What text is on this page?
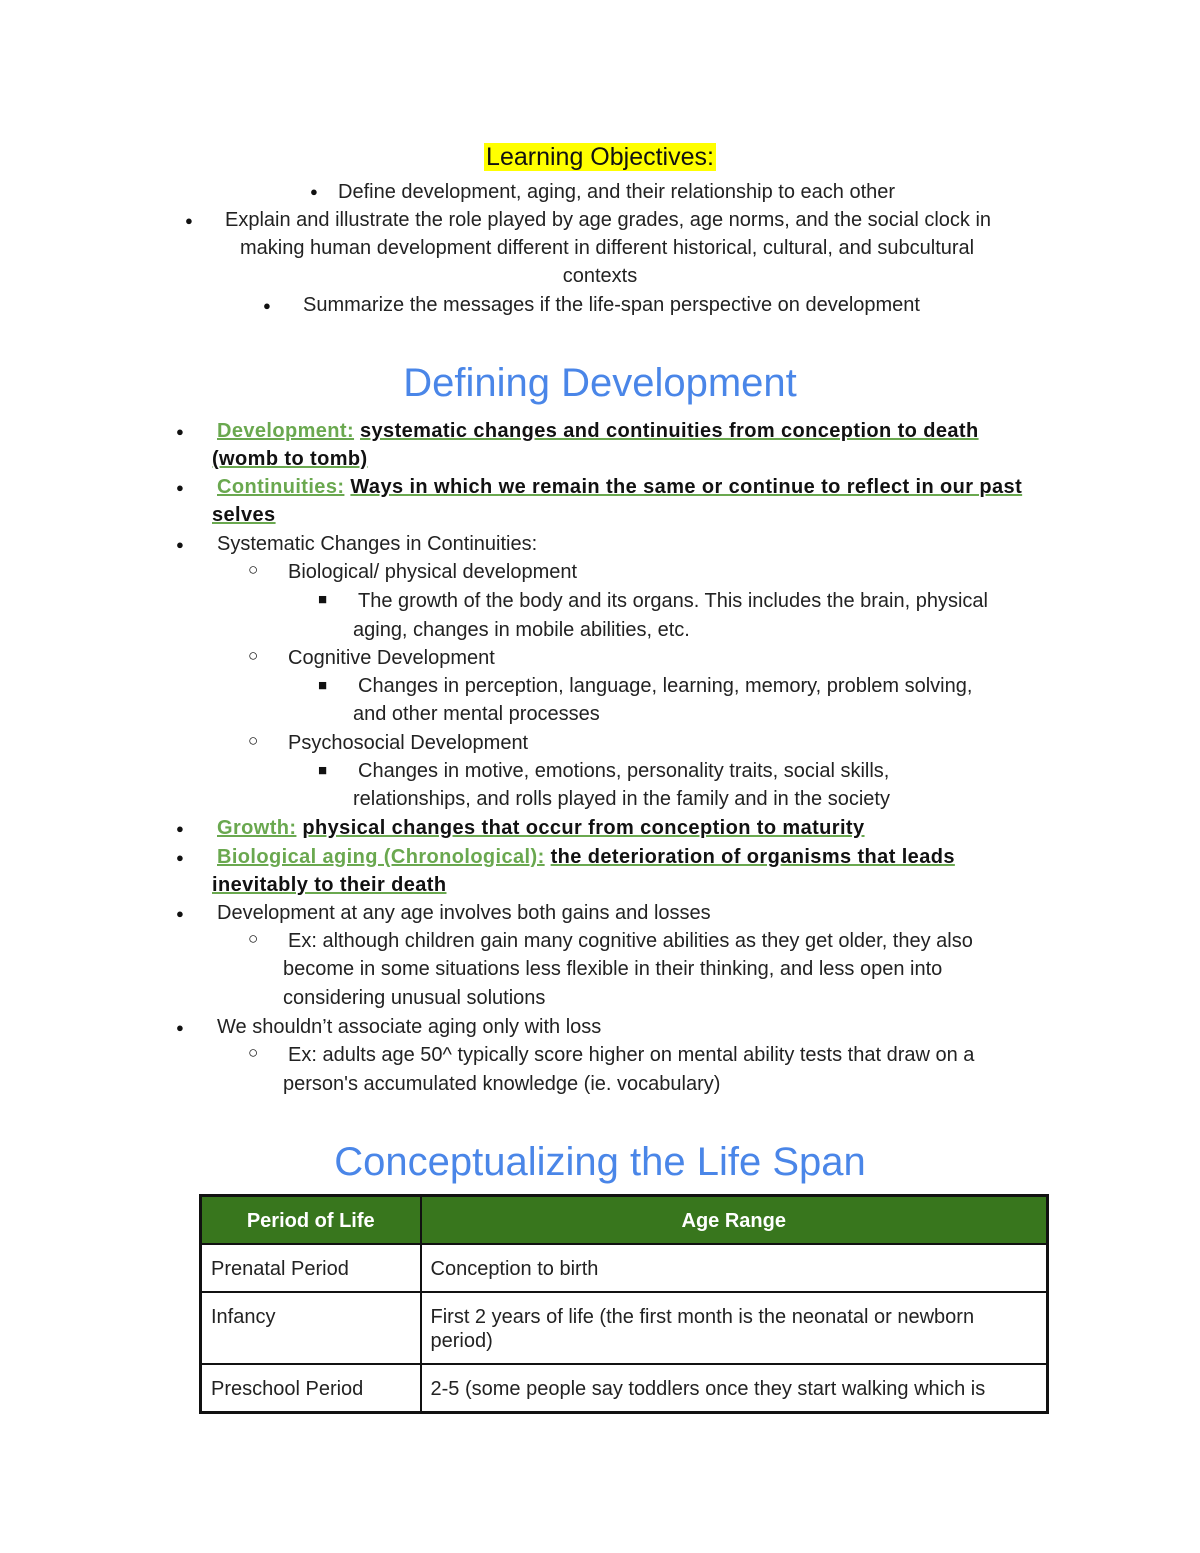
Learning Objectives:
● Define development, aging, and their relationship to each other
● Explain and illustrate the role played by age grades, age norms, and the social clock in
making human development different in different historical, cultural, and subcultural
contexts
● Summarize the messages if the life-span perspective on development
Defining Development
● Development: systematic changes and continuities from conception to death
(womb to tomb)
● Continuities: Ways in which we remain the same or continue to reflect in our past
selves
● Systematic Changes in Continuities:
○ Biological/ physical development
■ The growth of the body and its organs. This includes the brain, physical
aging, changes in mobile abilities, etc.
○ Cognitive Development
■ Changes in perception, language, learning, memory, problem solving,
and other mental processes
○ Psychosocial Development
■ Changes in motive, emotions, personality traits, social skills,
relationships, and rolls played in the family and in the society
● Growth: physical changes that occur from conception to maturity
● Biological aging (Chronological): the deterioration of organisms that leads
inevitably to their death
● Development at any age involves both gains and losses
○ Ex: although children gain many cognitive abilities as they get older, they also
become in some situations less flexible in their thinking, and less open into
considering unusual solutions
● We shouldn’t associate aging only with loss
○ Ex: adults age 50^ typically score higher on mental ability tests that draw on a
person's accumulated knowledge (ie. vocabulary)
Conceptualizing the Life Span
Period of Life	Age Range
Prenatal Period	Conception to birth
Infancy	First 2 years of life (the first month is the neonatal or newborn period)
Preschool Period	2-5 (some people say toddlers once they start walking which is
